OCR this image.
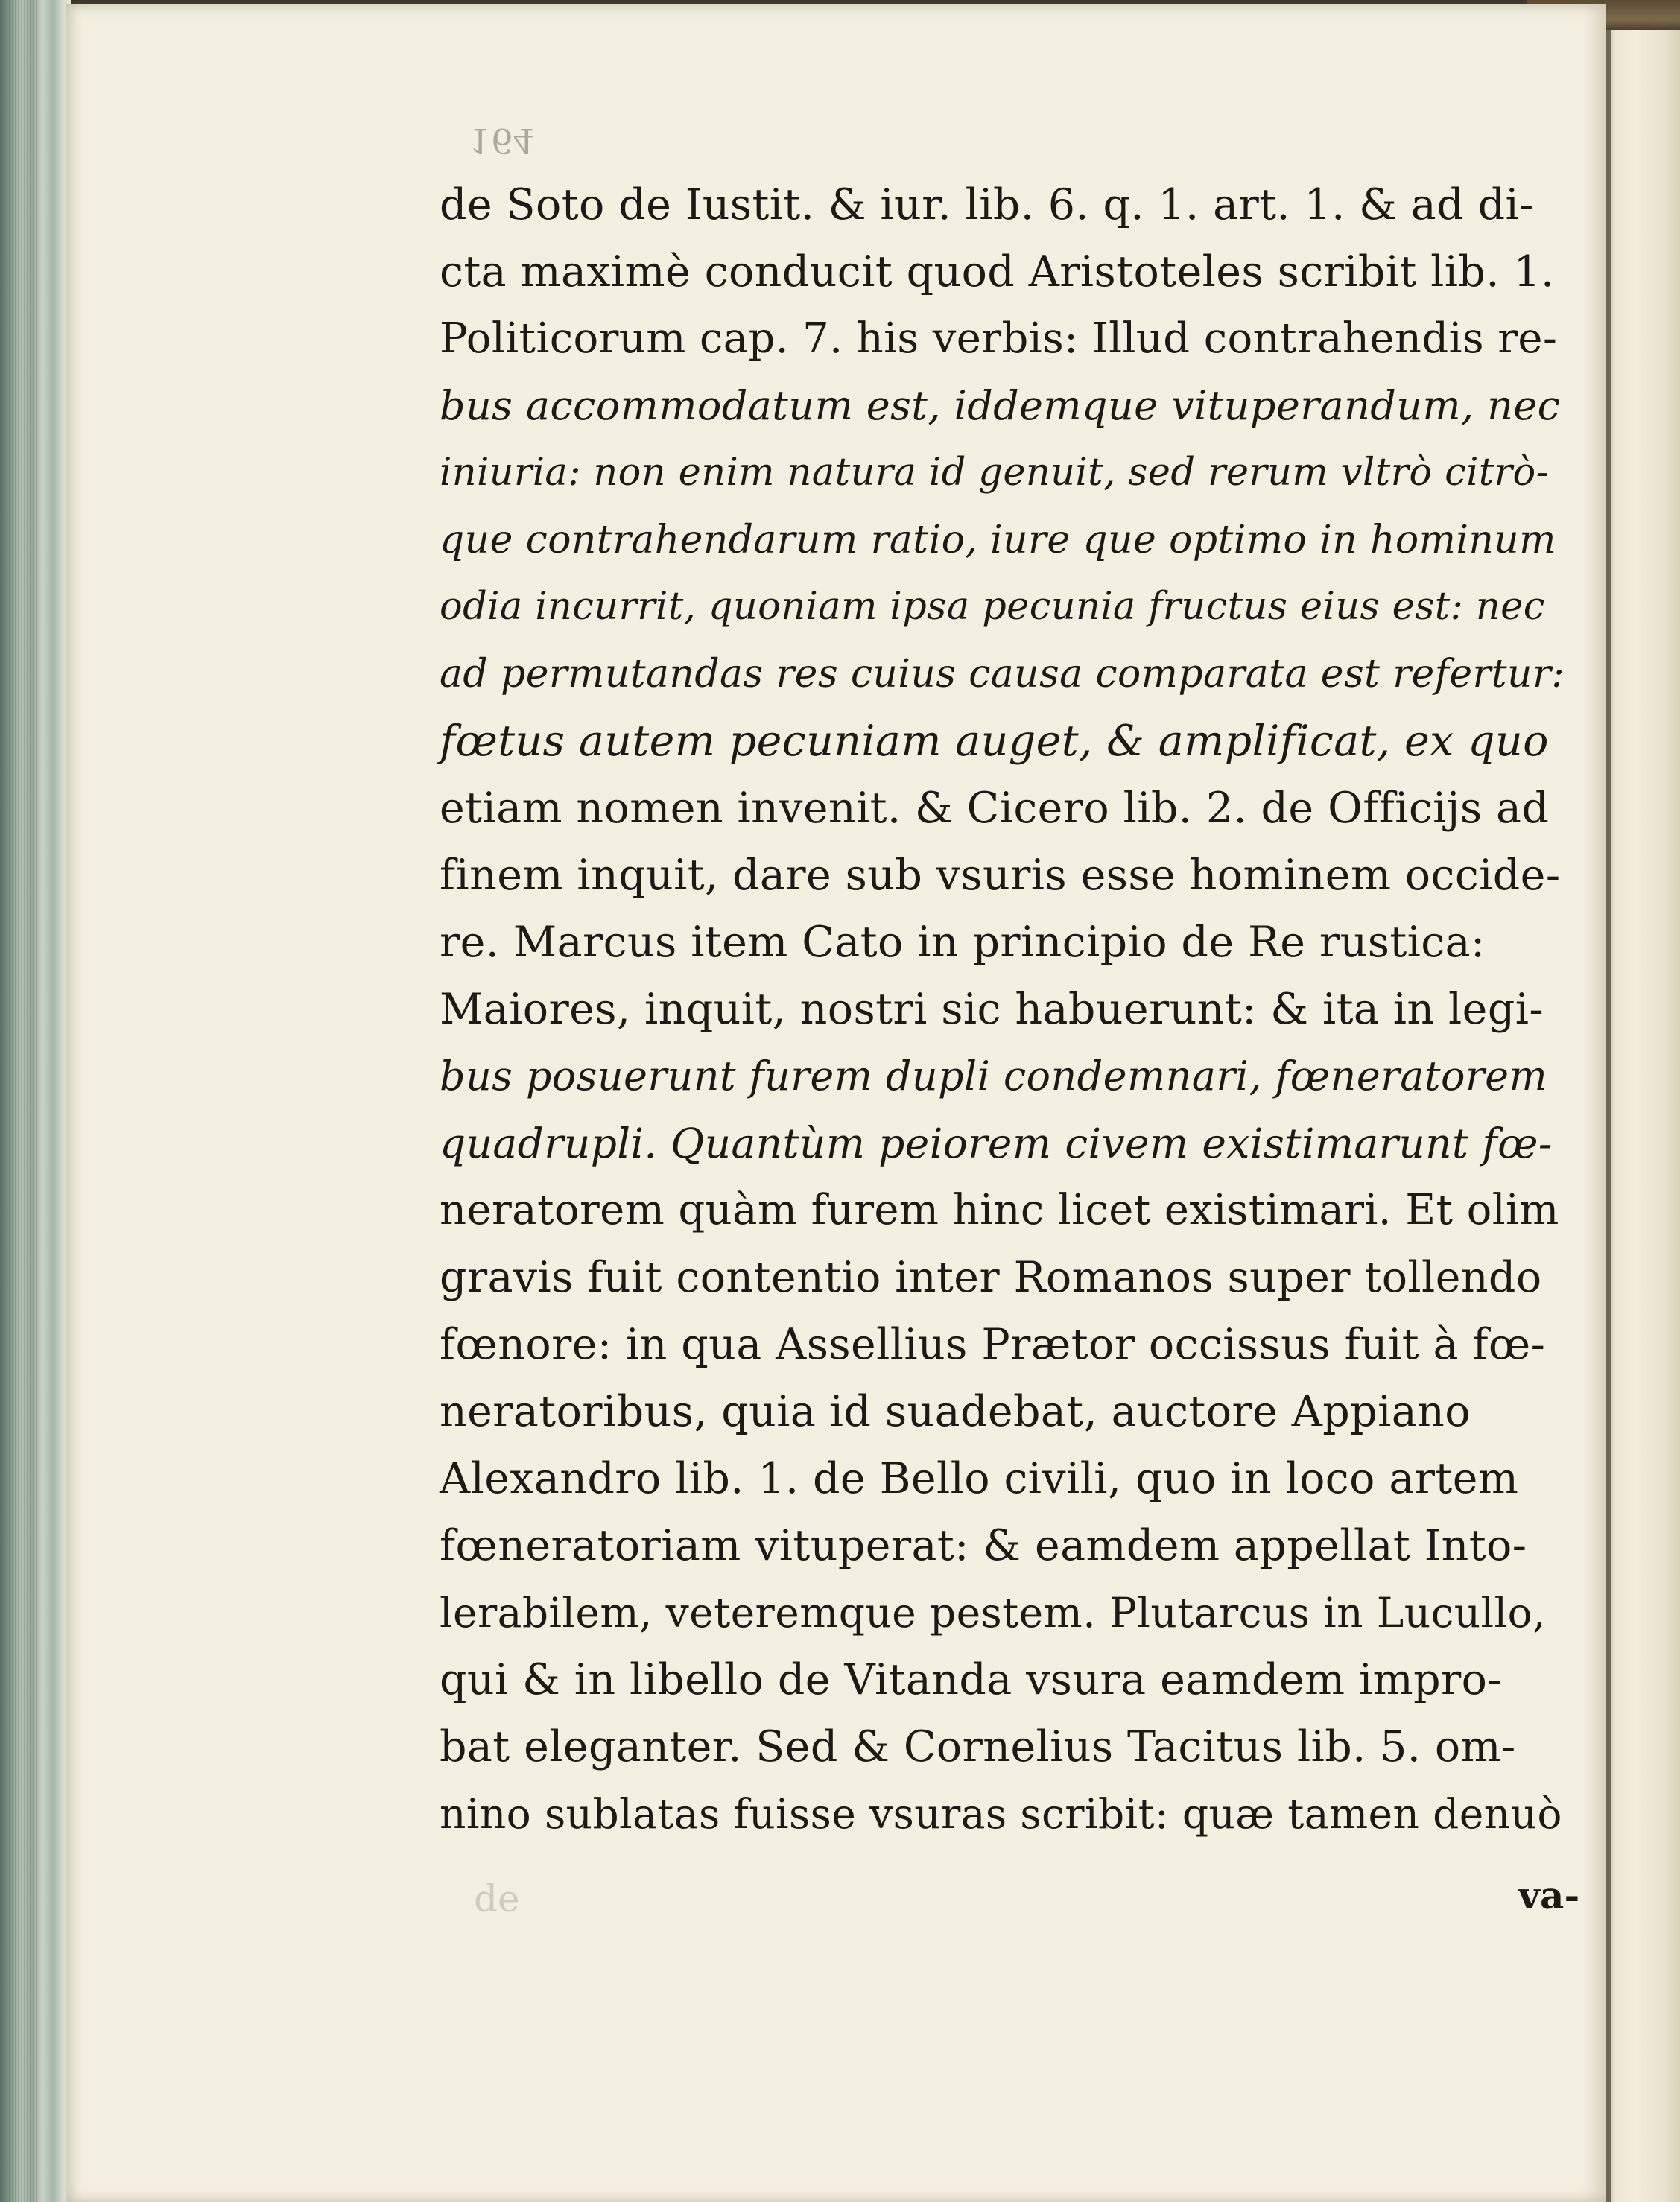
164
de
de Soto de Iustit. & iur. lib. 6. q. 1. art. 1. & ad di-
cta maximè conducit quod Aristoteles scribit lib. 1.
Politicorum cap. 7. his verbis: Illud contrahendis re-
bus accommodatum est, iddemque vituperandum, nec
iniuria: non enim natura id genuit, sed rerum vltrò citrò-
que contrahendarum ratio, iure que optimo in hominum
odia incurrit, quoniam ipsa pecunia fructus eius est: nec
ad permutandas res cuius causa comparata est refertur:
fœtus autem pecuniam auget, & amplificat, ex quo
etiam nomen invenit. & Cicero lib. 2. de Officijs ad
finem inquit, dare sub vsuris esse hominem occide-
re. Marcus item Cato in principio de Re rustica:
Maiores, inquit, nostri sic habuerunt: & ita in legi-
bus posuerunt furem dupli condemnari, fœneratorem
quadrupli. Quantùm peiorem civem existimarunt fœ-
neratorem quàm furem hinc licet existimari. Et olim
gravis fuit contentio inter Romanos super tollendo
fœnore: in qua Assellius Prætor occissus fuit à fœ-
neratoribus, quia id suadebat, auctore Appiano
Alexandro lib. 1. de Bello civili, quo in loco artem
fœneratoriam vituperat: & eamdem appellat Into-
lerabilem, veteremque pestem. Plutarcus in Lucullo,
qui & in libello de Vitanda vsura eamdem impro-
bat eleganter. Sed & Cornelius Tacitus lib. 5. om-
nino sublatas fuisse vsuras scribit: quæ tamen denuò
va-
